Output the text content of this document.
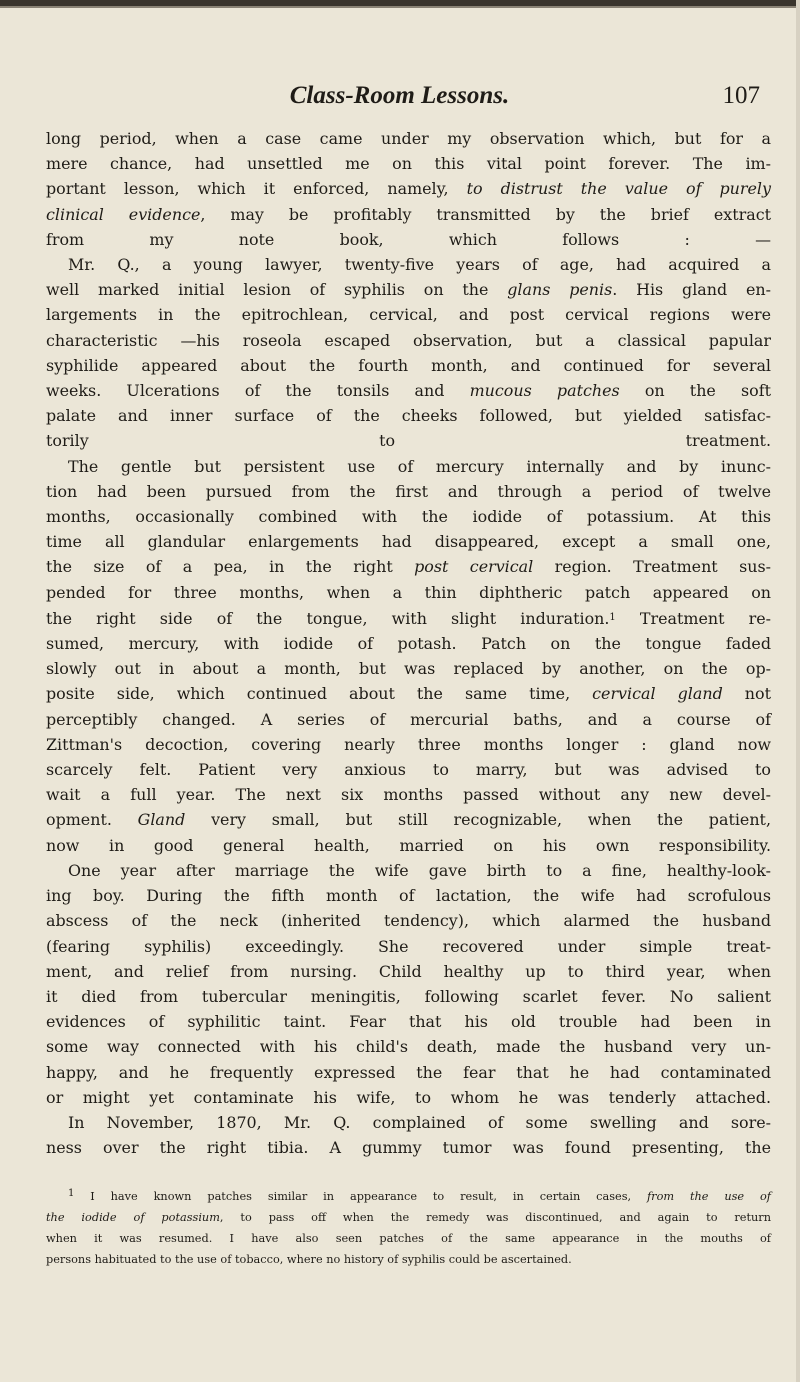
Class-Room Lessons.	107

long period, when a case came under my observation which, but for a

mere chance, had unsettled me on this vital point forever. The im-

portant lesson, which it enforced, namely, to distrust the value of purely

clinical evidence, may be profitably transmitted by the brief extract

from my note book, which follows : —

Mr. Q., a young lawyer, twenty-five years of age, had acquired a

well marked initial lesion of syphilis on the glans penis. His gland en-

largements in the epitrochlean, cervical, and post cervical regions were

characteristic —his roseola escaped observation, but a classical papular

syphilide appeared about the fourth month, and continued for several

weeks. Ulcerations of the tonsils and mucous patches on the soft

palate and inner surface of the cheeks followed, but yielded satisfac-

torily to treatment.

The gentle but persistent use of mercury internally and by inunc-

tion had been pursued from the first and through a period of twelve

months, occasionally combined with the iodide of potassium. At this

time all glandular enlargements had disappeared, except a small one,

the size of a pea, in the right post cervical region. Treatment sus-

pended for three months, when a thin diphtheric patch appeared on

the right side of the tongue, with slight induration.$^1$ Treatment re-

sumed, mercury, with iodide of potash. Patch on the tongue faded

slowly out in about a month, but was replaced by another, on the op-

posite side, which continued about the same time, cervical gland not

perceptibly changed. A series of mercurial baths, and a course of

Zittman's decoction, covering nearly three months longer : gland now

scarcely felt. Patient very anxious to marry, but was advised to

wait a full year. The next six months passed without any new devel-

opment. Gland very small, but still recognizable, when the patient,

now in good general health, married on his own responsibility.

One year after marriage the wife gave birth to a fine, healthy-look-

ing boy. During the fifth month of lactation, the wife had scrofulous

abscess of the neck (inherited tendency), which alarmed the husband

(fearing syphilis) exceedingly. She recovered under simple treat-

ment, and relief from nursing. Child healthy up to third year, when

it died from tubercular meningitis, following scarlet fever. No salient

evidences of syphilitic taint. Fear that his old trouble had been in

some way connected with his child's death, made the husband very un-

happy, and he frequently expressed the fear that he had contaminated

or might yet contaminate his wife, to whom he was tenderly attached.

In November, 1870, Mr. Q. complained of some swelling and sore-

ness over the right tibia. A gummy tumor was found presenting, the

1 I have known patches similar in appearance to result, in certain cases, from the use of

the iodide of potassium, to pass off when the remedy was discontinued, and again to return

when it was resumed. I have also seen patches of the same appearance in the mouths of

persons habituated to the use of tobacco, where no history of syphilis could be ascertained.
